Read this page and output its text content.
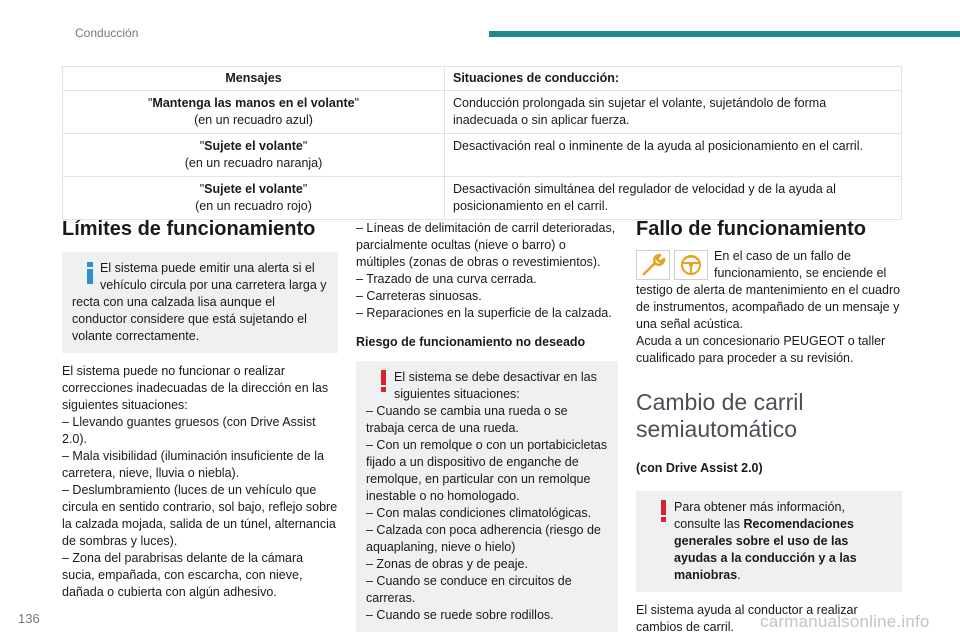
Conducción
Mensajes	Situaciones de conducción:

"Mantenga las manos en el volante"
(en un recuadro azul)	Conducción prolongada sin sujetar el volante, sujetándolo de forma inadecuada o sin aplicar fuerza.

"Sujete el volante"
(en un recuadro naranja)	Desactivación real o inminente de la ayuda al posicionamiento en el carril.

"Sujete el volante"
(en un recuadro rojo)	Desactivación simultánea del regulador de velocidad y de la ayuda al posicionamiento en el carril.
Límites de funcionamiento
El sistema puede emitir una alerta si el vehículo circula por una carretera larga y
recta con una calzada lisa aunque el conductor considere que está sujetando el volante correctamente.

El sistema puede no funcionar o realizar correcciones inadecuadas de la dirección en las siguientes situaciones:

– Llevando guantes gruesos (con Drive Assist 2.0).

– Mala visibilidad (iluminación insuficiente de la carretera, nieve, lluvia o niebla).

– Deslumbramiento (luces de un vehículo que circula en sentido contrario, sol bajo, reflejo sobre la calzada mojada, salida de un túnel, alternancia de sombras y luces).

– Zona del parabrisas delante de la cámara sucia, empañada, con escarcha, con nieve, dañada o cubierta con algún adhesivo.

– Líneas de delimitación de carril deterioradas, parcialmente ocultas (nieve o barro) o múltiples (zonas de obras o revestimientos).

– Trazado de una curva cerrada.

– Carreteras sinuosas.

– Reparaciones en la superficie de la calzada.

Riesgo de funcionamiento no deseado
El sistema se debe desactivar en las siguientes situaciones:

– Cuando se cambia una rueda o se trabaja cerca de una rueda.

– Con un remolque o con un portabicicletas fijado a un dispositivo de enganche de remolque, en particular con un remolque inestable o no homologado.

– Con malas condiciones climatológicas.

– Calzada con poca adherencia (riesgo de aquaplaning, nieve o hielo)

– Zonas de obras y de peaje.

– Cuando se conduce en circuitos de carreras.

– Cuando se ruede sobre rodillos.

Fallo de funcionamiento

En el caso de un fallo de funcionamiento, se enciende el testigo de alerta de mantenimiento en el cuadro de instrumentos, acompañado de un mensaje y una señal acústica.

Acuda a un concesionario PEUGEOT o taller cualificado para proceder a su revisión.

Cambio de carril semiautomático
(con Drive Assist 2.0)
Para obtener más información, consulte las Recomendaciones generales sobre el uso de las ayudas a la conducción y a las maniobras.

El sistema ayuda al conductor a realizar cambios de carril.

136	carmanualsonline.info
